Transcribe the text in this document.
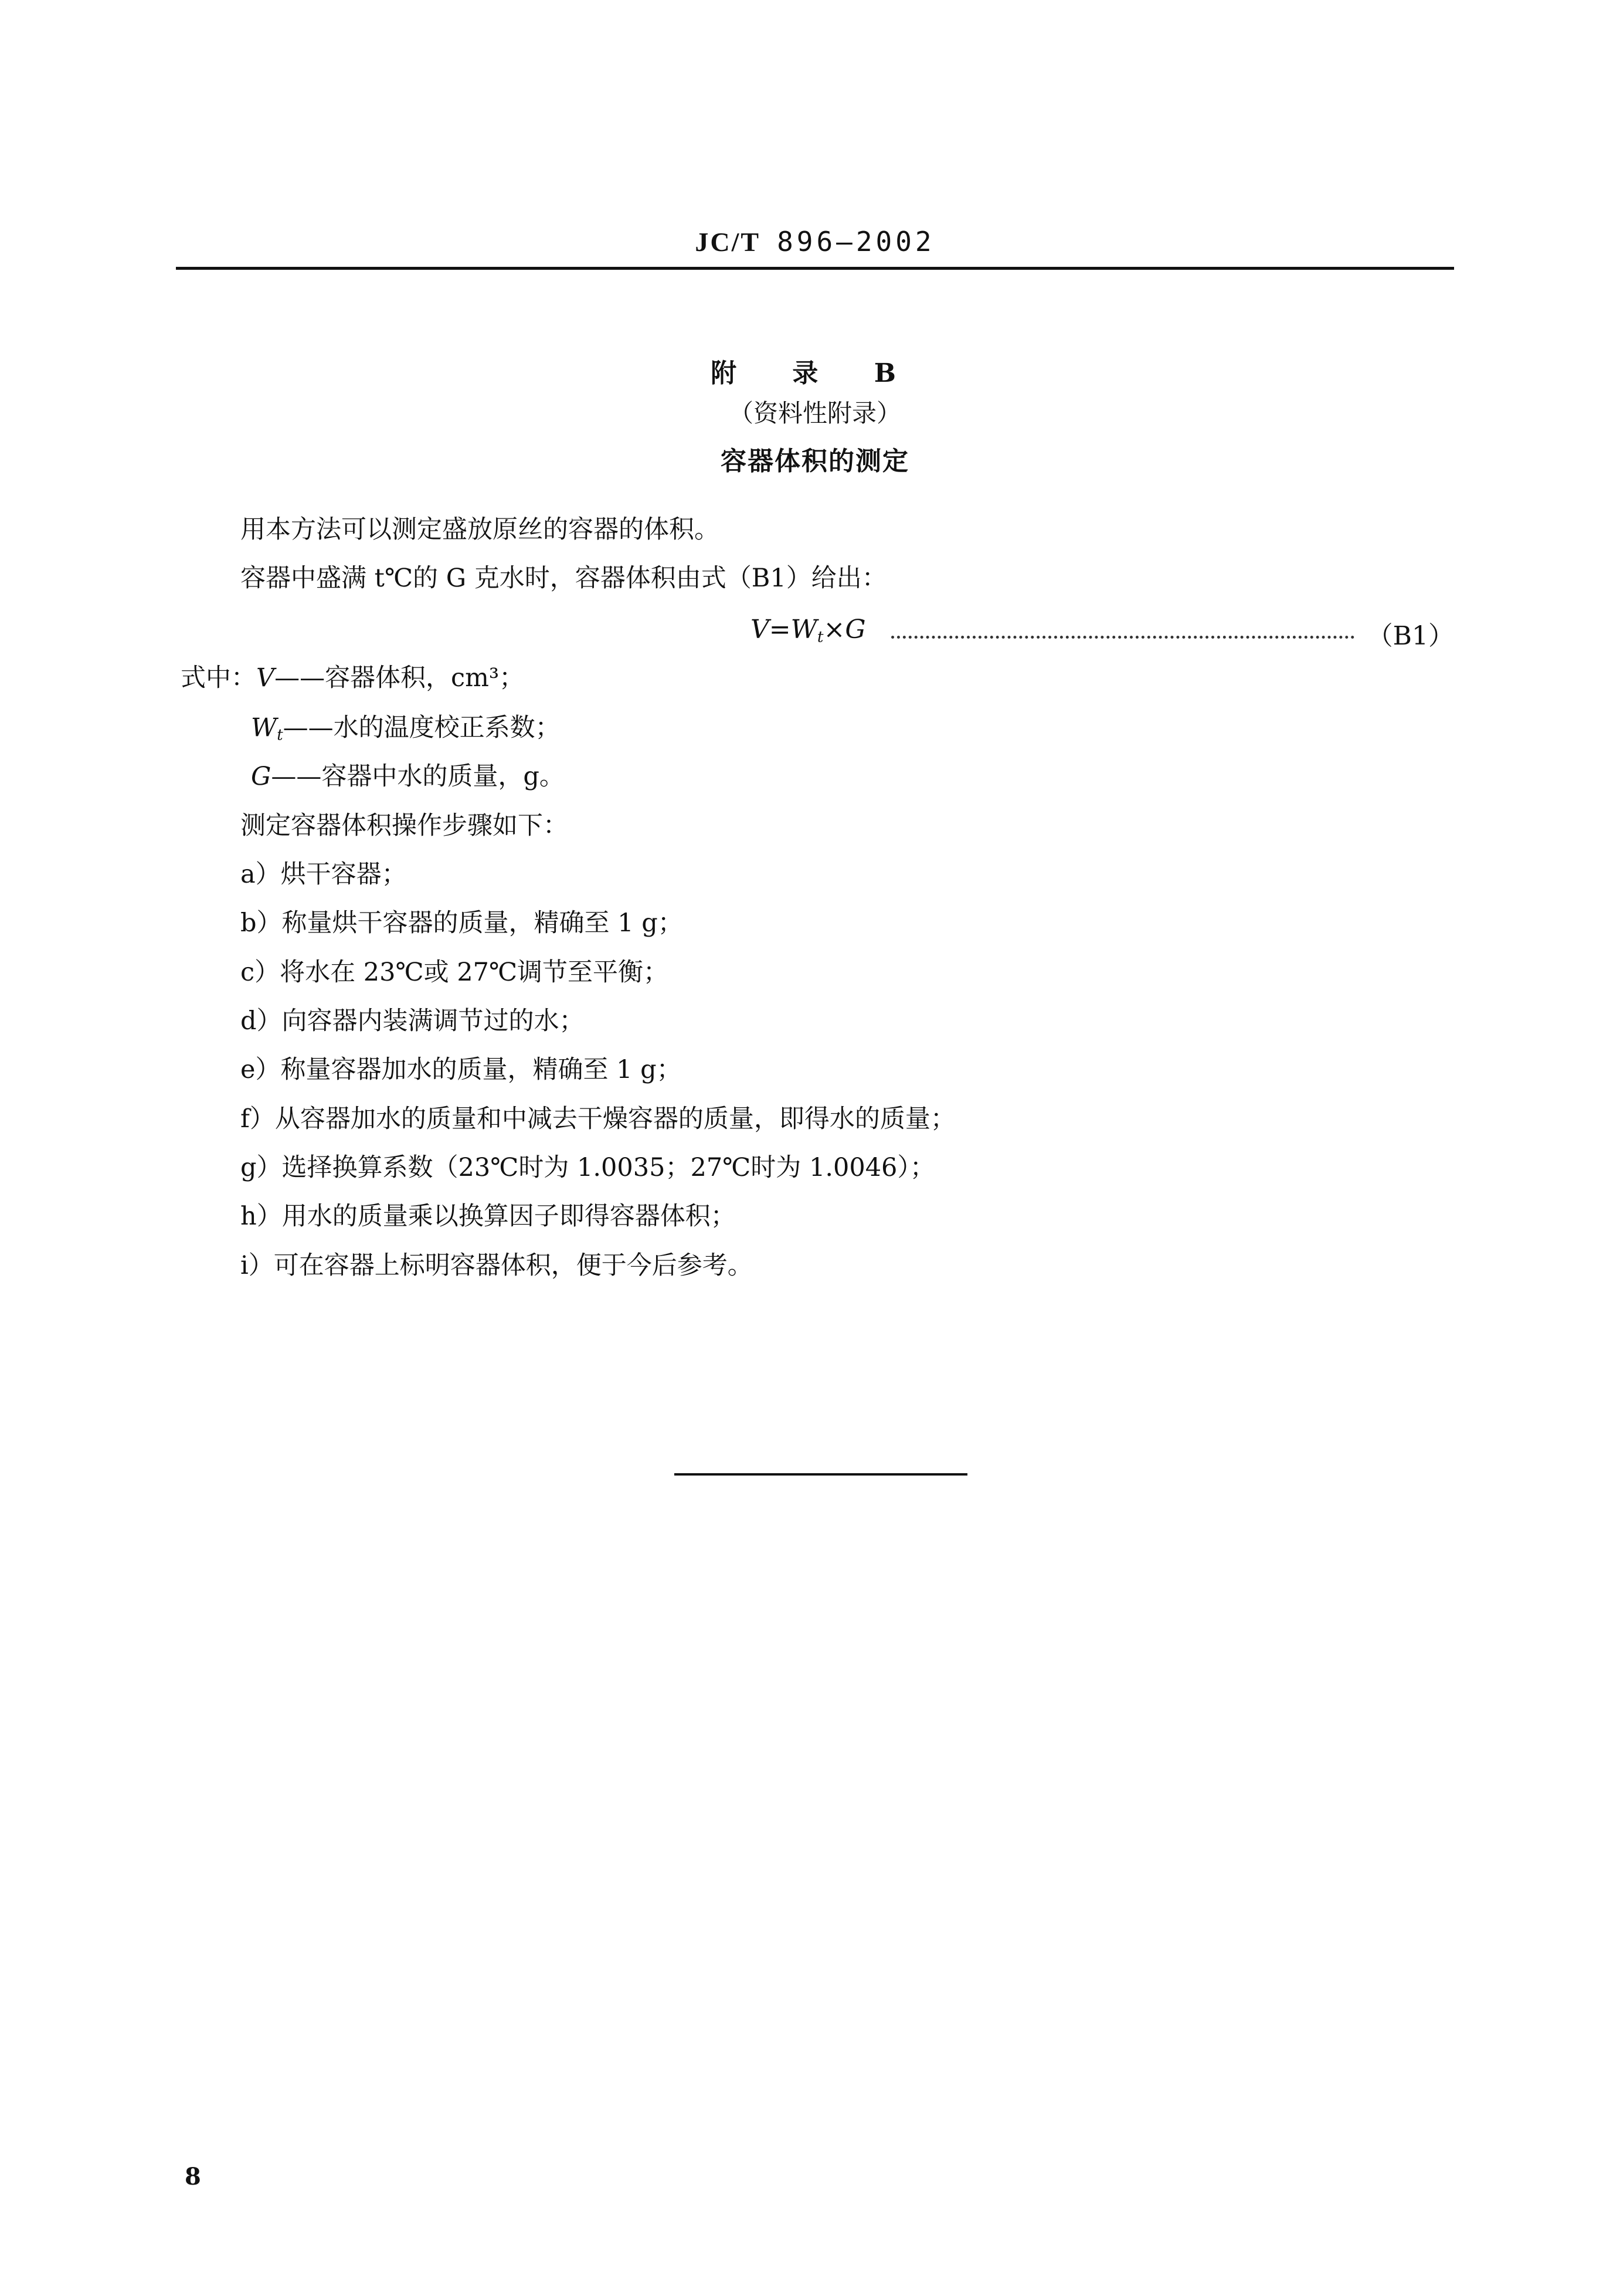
JC/T 896—2002
附 录 B
（资料性附录）
容器体积的测定
用本方法可以测定盛放原丝的容器的体积。
容器中盛满 t℃的 G 克水时，容器体积由式（B1）给出：
$V=W_t\times G$	（B1）
式中：V——容器体积，cm³；
$W_t——$水的温度校正系数；
G——容器中水的质量，g。
测定容器体积操作步骤如下：
a）烘干容器；
b）称量烘干容器的质量，精确至 1 g；
c）将水在 23℃或 27℃调节至平衡；
d）向容器内装满调节过的水；
e）称量容器加水的质量，精确至 1 g；
f）从容器加水的质量和中减去干燥容器的质量，即得水的质量；
g）选择换算系数（23℃时为 1.0035；27℃时为 1.0046）；
h）用水的质量乘以换算因子即得容器体积；
i）可在容器上标明容器体积，便于今后参考。
8
